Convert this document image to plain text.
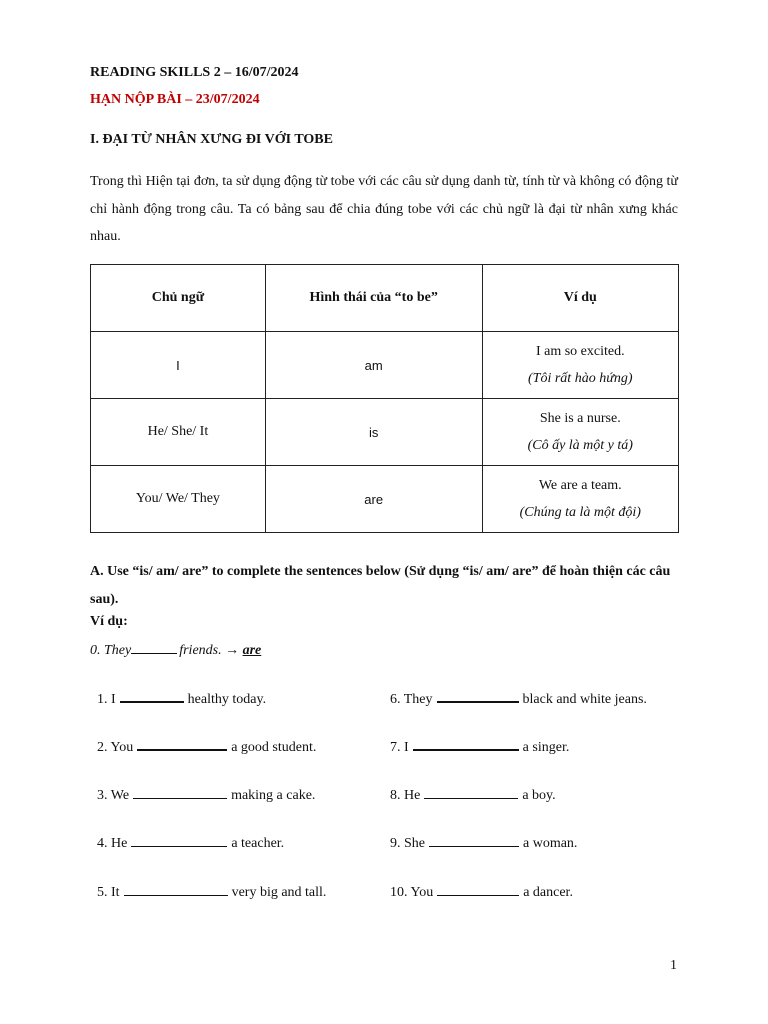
READING SKILLS 2 – 16/07/2024
HẠN NỘP BÀI – 23/07/2024
I. ĐẠI TỪ NHÂN XƯNG ĐI VỚI TOBE
Trong thì Hiện tại đơn, ta sử dụng động từ tobe với các câu sử dụng danh từ, tính từ và không có động từ chỉ hành động trong câu. Ta có bảng sau để chia đúng tobe với các chủ ngữ là đại từ nhân xưng khác nhau.
Chủ ngữ	Hình thái của “to be”	Ví dụ
I	am	I am so excited.
(Tôi rất hào hứng)

He/ She/ It	is	She is a nurse.
(Cô ấy là một y tá)

You/ We/ They	are	We are a team.
(Chúng ta là một đội)
A. Use “is/ am/ are” to complete the sentences below (Sử dụng “is/ am/ are” để hoàn thiện các câu sau).
Ví dụ:
0. They	friends. → are
1. I	healthy today.
2. You	a good student.
3. We	making a cake.
4. He	a teacher.
5. It	very big and tall.
6. They	black and white jeans.
7. I	a singer.
8. He	a boy.
9. She	a woman.
10. You	a dancer.
1
